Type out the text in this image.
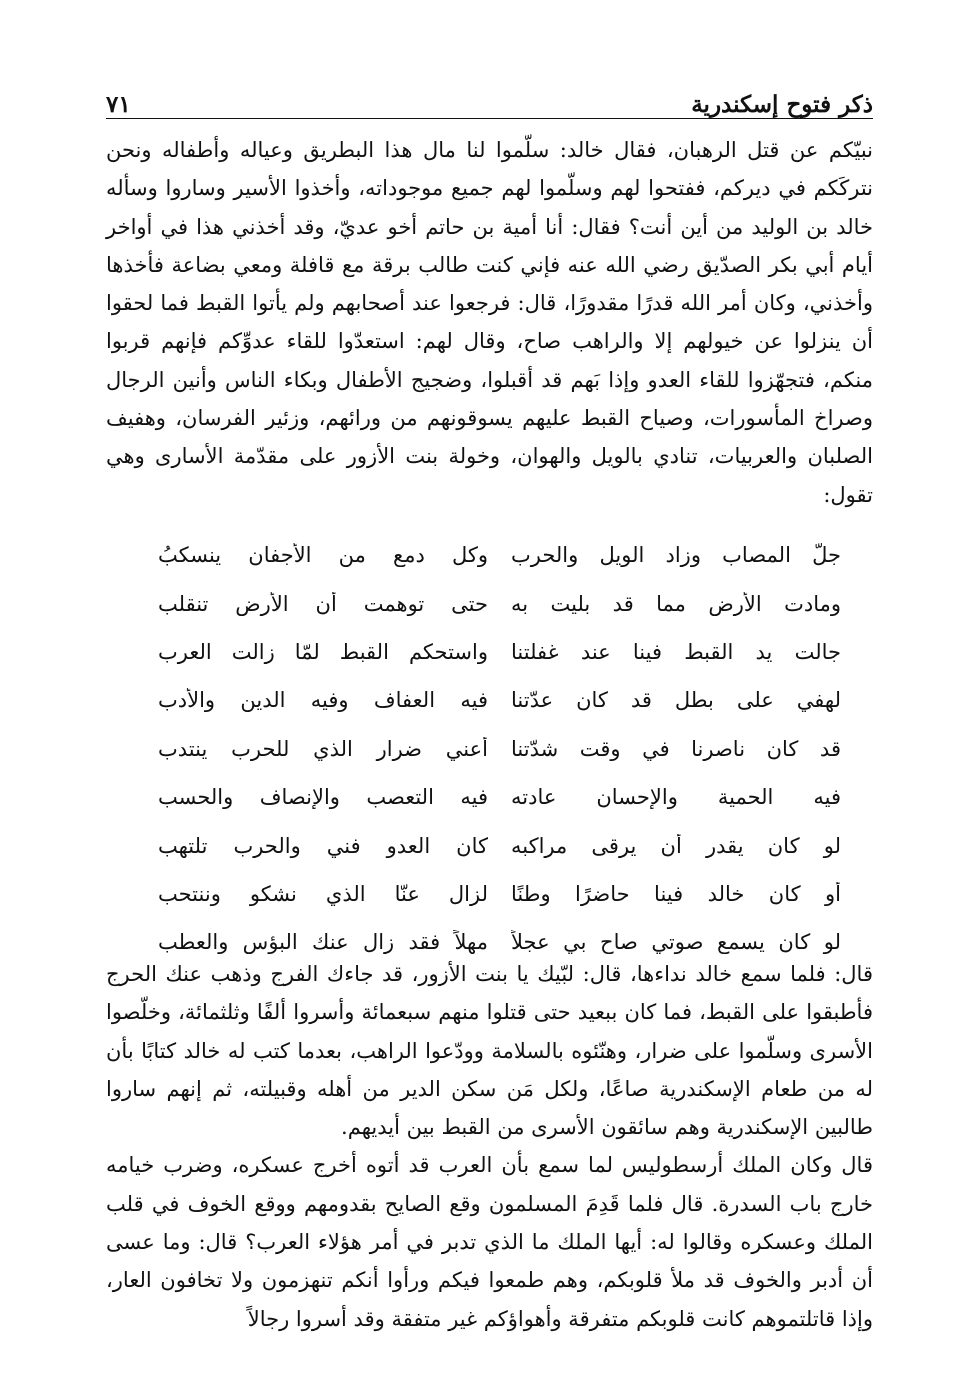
ذكر فتوح إسكندرية
٧١

نبيّكم عن قتل الرهبان، فقال خالد: سلّموا لنا مال هذا البطريق وعياله وأطفاله ونحن نتركَكم في ديركم، ففتحوا لهم وسلّموا لهم جميع موجوداته، وأخذوا الأسير وساروا وسأله خالد بن الوليد من أين أنت؟ فقال: أنا أمية بن حاتم أخو عديّ، وقد أخذني هذا في أواخر أيام أبي بكر الصدّيق رضي الله عنه فإني كنت طالب برقة مع قافلة ومعي بضاعة فأخذها وأخذني، وكان أمر الله قدرًا مقدورًا، قال: فرجعوا عند أصحابهم ولم يأتوا القبط فما لحقوا أن ينزلوا عن خيولهم إلا والراهب صاح، وقال لهم: استعدّوا للقاء عدوِّكم فإنهم قربوا منكم، فتجهّزوا للقاء العدو وإذا بَهم قد أقبلوا، وضجيج الأطفال وبكاء الناس وأنين الرجال وصراخ المأسورات، وصياح القبط عليهم يسوقونهم من ورائهم، وزئير الفرسان، وهفيف الصلبان والعربيات، تنادي بالويل والهوان، وخولة بنت الأزور على مقدّمة الأسارى وهي تقول:

جلَّ المصاب وزاد الويل والحرب
وكل دمع من الأجفان ينسكبُ
ومادت الأرض مما قد بليت به
حتى توهمت أن الأرض تنقلب
جالت يد القبط فينا عند غفلتنا
واستحكم القبط لمّا زالت العرب
لهفي على بطل قد كان عدّتنا
فيه العفاف وفيه الدين والأدب
قد كان ناصرنا في وقت شدّتنا
أعني ضرار الذي للحرب ينتدب
فيه الحمية والإحسان عادته
فيه التعصب والإنصاف والحسب
لو كان يقدر أن يرقى مراكبه
كان العدو فني والحرب تلتهب
أو كان خالد فينا حاضرًا وطنًا
لزال عنّا الذي نشكو وننتحب
لو كان يسمع صوتي صاح بي عجلاً
مهلاً فقد زال عنك البؤس والعطب

قال: فلما سمع خالد نداءها، قال: لبّيك يا بنت الأزور، قد جاءك الفرج وذهب عنك الحرج فأطبقوا على القبط، فما كان ببعيد حتى قتلوا منهم سبعمائة وأسروا ألفًا وثلثمائة، وخلّصوا الأسرى وسلّموا على ضرار، وهنّئوه بالسلامة وودّعوا الراهب، بعدما كتب له خالد كتابًا بأن له من طعام الإسكندرية صاعًا، ولكل مَن سكن الدير من أهله وقبيلته، ثم إنهم ساروا طالبين الإسكندرية وهم سائقون الأسرى من القبط بين أيديهم.

قال وكان الملك أرسطوليس لما سمع بأن العرب قد أتوه أخرج عسكره، وضرب خيامه خارج باب السدرة. قال فلما قَدِمَ المسلمون وقع الصايح بقدومهم ووقع الخوف في قلب الملك وعسكره وقالوا له: أيها الملك ما الذي تدبر في أمر هؤلاء العرب؟ قال: وما عسى أن أدبر والخوف قد ملأ قلوبكم، وهم طمعوا فيكم ورأوا أنكم تنهزمون ولا تخافون العار، وإذا قاتلتموهم كانت قلوبكم متفرقة وأهواؤكم غير متفقة وقد أسروا رجالاً
